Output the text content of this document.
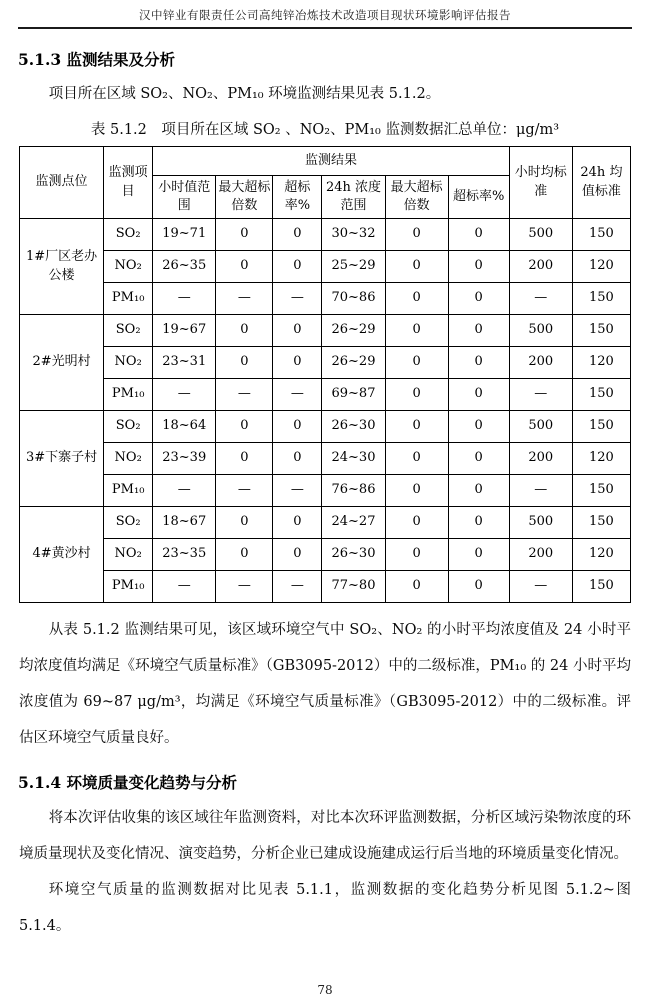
汉中锌业有限责任公司高纯锌冶炼技术改造项目现状环境影响评估报告
5.1.3 监测结果及分析

项目所在区域 SO₂、NO₂、PM₁₀ 环境监测结果见表 5.1.2。

表 5.1.2　项目所在区域 SO₂ 、NO₂、PM₁₀ 监测数据汇总单位：μg/m³
监测点位	监测项目	监测结果						小时均标准	24h 均值标准
		小时值范围	最大超标倍数	超标率%	24h 浓度范围	最大超标倍数	超标率%		
1#厂区老办公楼	SO₂	19~71	0	0	30~32	0	0	500	150
	NO₂	26~35	0	0	25~29	0	0	200	120
	PM₁₀	—	—	—	70~86	0	0	—	150
2#光明村	SO₂	19~67	0	0	26~29	0	0	500	150
	NO₂	23~31	0	0	26~29	0	0	200	120
	PM₁₀	—	—	—	69~87	0	0	—	150
3#下寨子村	SO₂	18~64	0	0	26~30	0	0	500	150
	NO₂	23~39	0	0	24~30	0	0	200	120
	PM₁₀	—	—	—	76~86	0	0	—	150
4#黄沙村	SO₂	18~67	0	0	24~27	0	0	500	150
	NO₂	23~35	0	0	26~30	0	0	200	120
	PM₁₀	—	—	—	77~80	0	0	—	150

从表 5.1.2 监测结果可见，该区域环境空气中 SO₂、NO₂ 的小时平均浓度值及 24 小时平均浓度值均满足《环境空气质量标准》（GB3095-2012）中的二级标准，PM₁₀ 的 24 小时平均浓度值为 69~87 μg/m³，均满足《环境空气质量标准》（GB3095-2012）中的二级标准。评估区环境空气质量良好。

5.1.4 环境质量变化趋势与分析

将本次评估收集的该区域往年监测资料，对比本次环评监测数据，分析区域污染物浓度的环境质量现状及变化情况、演变趋势，分析企业已建成设施建成运行后当地的环境质量变化情况。

环境空气质量的监测数据对比见表 5.1.1，监测数据的变化趋势分析见图 5.1.2~图 5.1.4。

78
